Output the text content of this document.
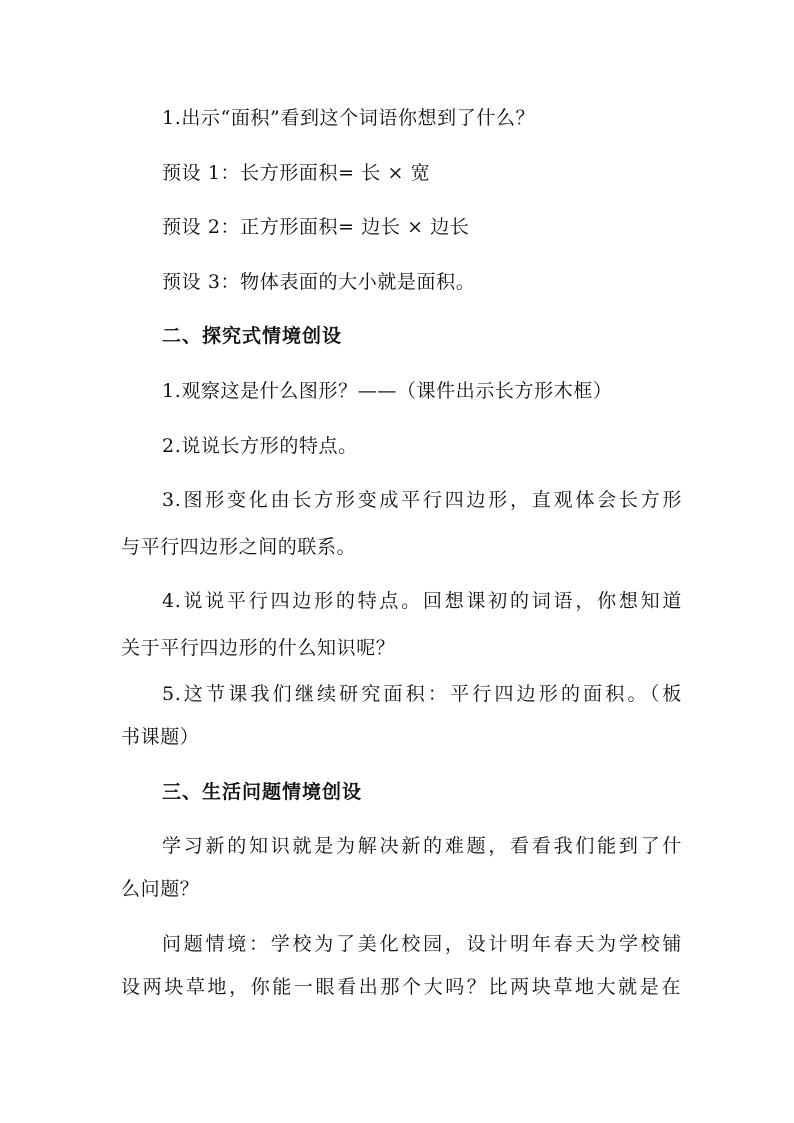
1.出示“面积”看到这个词语你想到了什么？
预设 1：长方形面积= 长 × 宽
预设 2：正方形面积= 边长 × 边长
预设 3：物体表面的大小就是面积。
二、探究式情境创设
1.观察这是什么图形？——（课件出示长方形木框）
2.说说长方形的特点。
3.图形变化由长方形变成平行四边形，直观体会长方形
与平行四边形之间的联系。
4.说说平行四边形的特点。回想课初的词语，你想知道
关于平行四边形的什么知识呢？
5.这节课我们继续研究面积：平行四边形的面积。（板
书课题）
三、生活问题情境创设
学习新的知识就是为解决新的难题，看看我们能到了什
么问题？
问题情境：学校为了美化校园，设计明年春天为学校铺
设两块草地，你能一眼看出那个大吗？比两块草地大就是在
